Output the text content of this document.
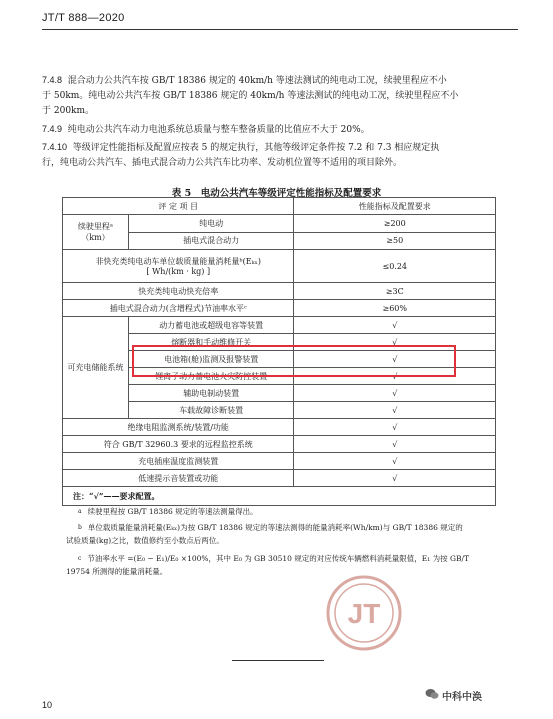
JT/T 888—2020
7.4.8 混合动力公共汽车按 GB/T 18386 规定的 40km/h 等速法测试的纯电动工况，续驶里程应不小
于 50km。纯电动公共汽车按 GB/T 18386 规定的 40km/h 等速法测试的纯电动工况，续驶里程应不小
于 200km。
7.4.9 纯电动公共汽车动力电池系统总质量与整车整备质量的比值应不大于 20%。
7.4.10 等级评定性能指标及配置应按表 5 的规定执行，其他等级评定条件按 7.2 和 7.3 相应规定执
行，纯电动公共汽车、插电式混合动力公共汽车比功率、发动机位置等不适用的项目除外。
表 5　电动公共汽车等级评定性能指标及配置要求
评 定 项 目		性能指标及配置要求

续驶里程ᵃ
（km）	纯电动	≥200
	插电式混合动力	≥50

非快充类纯电动车单位载质量能量消耗量ᵇ(Eₖₓ)
[ Wh/(km · kg) ]		≤0.24
快充类纯电动快充倍率		≥3C
插电式混合动力(含增程式)节油率水平ᶜ		≥60%
可充电储能系统	动力蓄电池或超级电容等装置	√
	熔断器和手动维修开关	√
	电池箱(舱)监测及报警装置	√
	锂离子动力蓄电池火灾防控装置	√
	辅助电制动装置	√
	车载故障诊断装置	√
绝缘电阻监测系统/装置/功能		√
符合 GB/T 32960.3 要求的远程监控系统		√
充电插座温度监测装置		√
低速提示音装置或功能		√
注：“√”——要求配置。		
$^a$ 续驶里程按 GB/T 18386 规定的等速法测量得出。
$^b$ 单位载质量能量消耗量(Eₖₓ)为按 GB/T 18386 规定的等速法测得的能量消耗率(Wh/km)与 GB/T 18386 规定的
试验质量(kg)之比，数值修约至小数点后两位。
$^c$ 节油率水平 =(E₀ − E₁)/E₀ ×100%，其中 E₀ 为 GB 30510 规定的对应传统车辆燃料消耗量限值，E₁ 为按 GB/T
19754 所测得的能量消耗量。
JT
10
中科中涣
